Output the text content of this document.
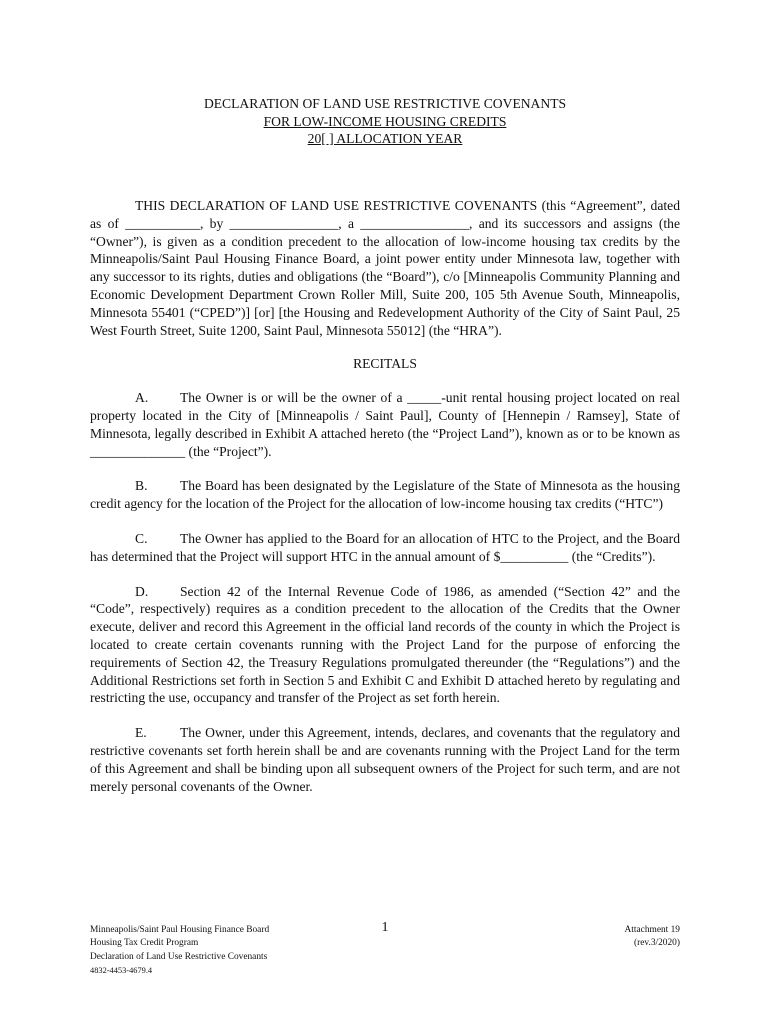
DECLARATION OF LAND USE RESTRICTIVE COVENANTS
FOR LOW-INCOME HOUSING CREDITS
20[ ] ALLOCATION YEAR

THIS DECLARATION OF LAND USE RESTRICTIVE COVENANTS (this “Agreement”, dated as of ___________, by ________________, a ________________, and its successors and assigns (the “Owner”), is given as a condition precedent to the allocation of low-income housing tax credits by the Minneapolis/Saint Paul Housing Finance Board, a joint power entity under Minnesota law, together with any successor to its rights, duties and obligations (the “Board”), c/o [Minneapolis Community Planning and Economic Development Department Crown Roller Mill, Suite 200, 105 5th Avenue South, Minneapolis, Minnesota 55401 (“CPED”)] [or] [the Housing and Redevelopment Authority of the City of Saint Paul, 25 West Fourth Street, Suite 1200, Saint Paul, Minnesota 55012] (the “HRA”).

RECITALS

A. The Owner is or will be the owner of a _____-unit rental housing project located on real property located in the City of [Minneapolis / Saint Paul], County of [Hennepin / Ramsey], State of Minnesota, legally described in Exhibit A attached hereto (the “Project Land”), known as or to be known as ______________ (the “Project”).

B. The Board has been designated by the Legislature of the State of Minnesota as the housing credit agency for the location of the Project for the allocation of low-income housing tax credits (“HTC”)

C. The Owner has applied to the Board for an allocation of HTC to the Project, and the Board has determined that the Project will support HTC in the annual amount of $__________ (the “Credits”).

D. Section 42 of the Internal Revenue Code of 1986, as amended (“Section 42” and the “Code”, respectively) requires as a condition precedent to the allocation of the Credits that the Owner execute, deliver and record this Agreement in the official land records of the county in which the Project is located to create certain covenants running with the Project Land for the purpose of enforcing the requirements of Section 42, the Treasury Regulations promulgated thereunder (the “Regulations”) and the Additional Restrictions set forth in Section 5 and Exhibit C and Exhibit D attached hereto by regulating and restricting the use, occupancy and transfer of the Project as set forth herein.

E. The Owner, under this Agreement, intends, declares, and covenants that the regulatory and restrictive covenants set forth herein shall be and are covenants running with the Project Land for the term of this Agreement and shall be binding upon all subsequent owners of the Project for such term, and are not merely personal covenants of the Owner.

Minneapolis/Saint Paul Housing Finance Board
Housing Tax Credit Program
Declaration of Land Use Restrictive Covenants
4832-4453-4679.4
1	Attachment 19
(rev.3/2020)
